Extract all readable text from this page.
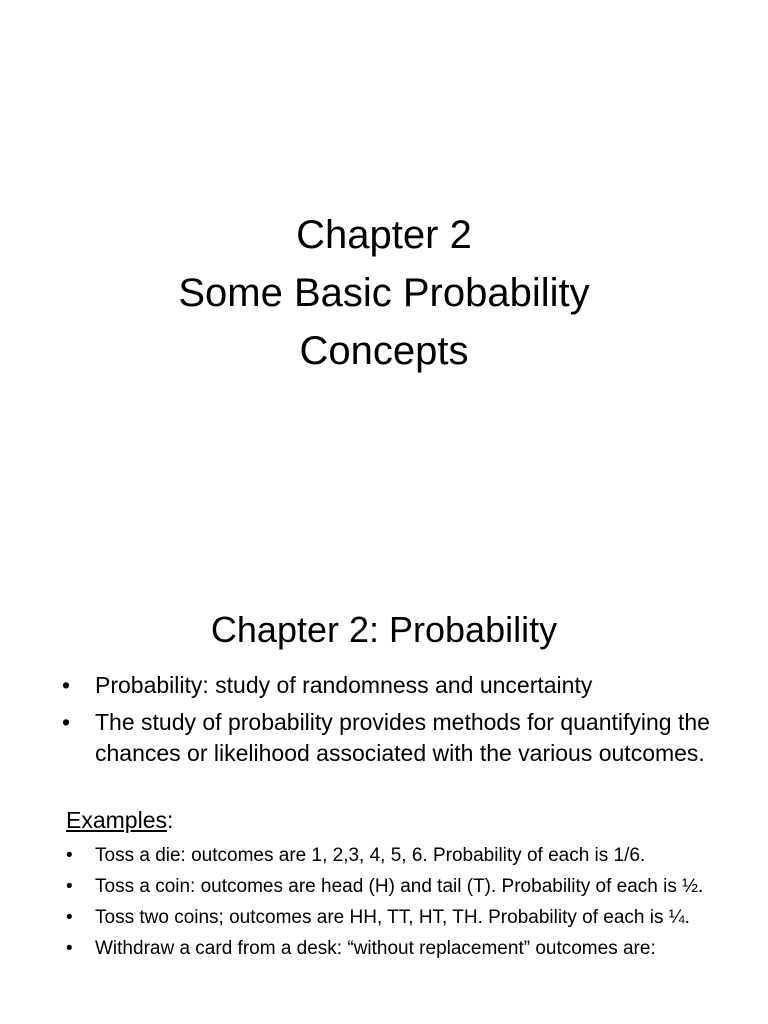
Chapter 2
Some Basic Probability
Concepts
Chapter 2: Probability
• Probability: study of randomness and uncertainty
• The study of probability provides methods for quantifying the chances or likelihood associated with the various outcomes.
Examples:
• Toss a die: outcomes are 1, 2,3, 4, 5, 6. Probability of each is 1/6.
• Toss a coin: outcomes are head (H) and tail (T). Probability of each is ½.
• Toss two coins; outcomes are HH, TT, HT, TH. Probability of each is ¼.
• Withdraw a card from a desk: “without replacement” outcomes are:
